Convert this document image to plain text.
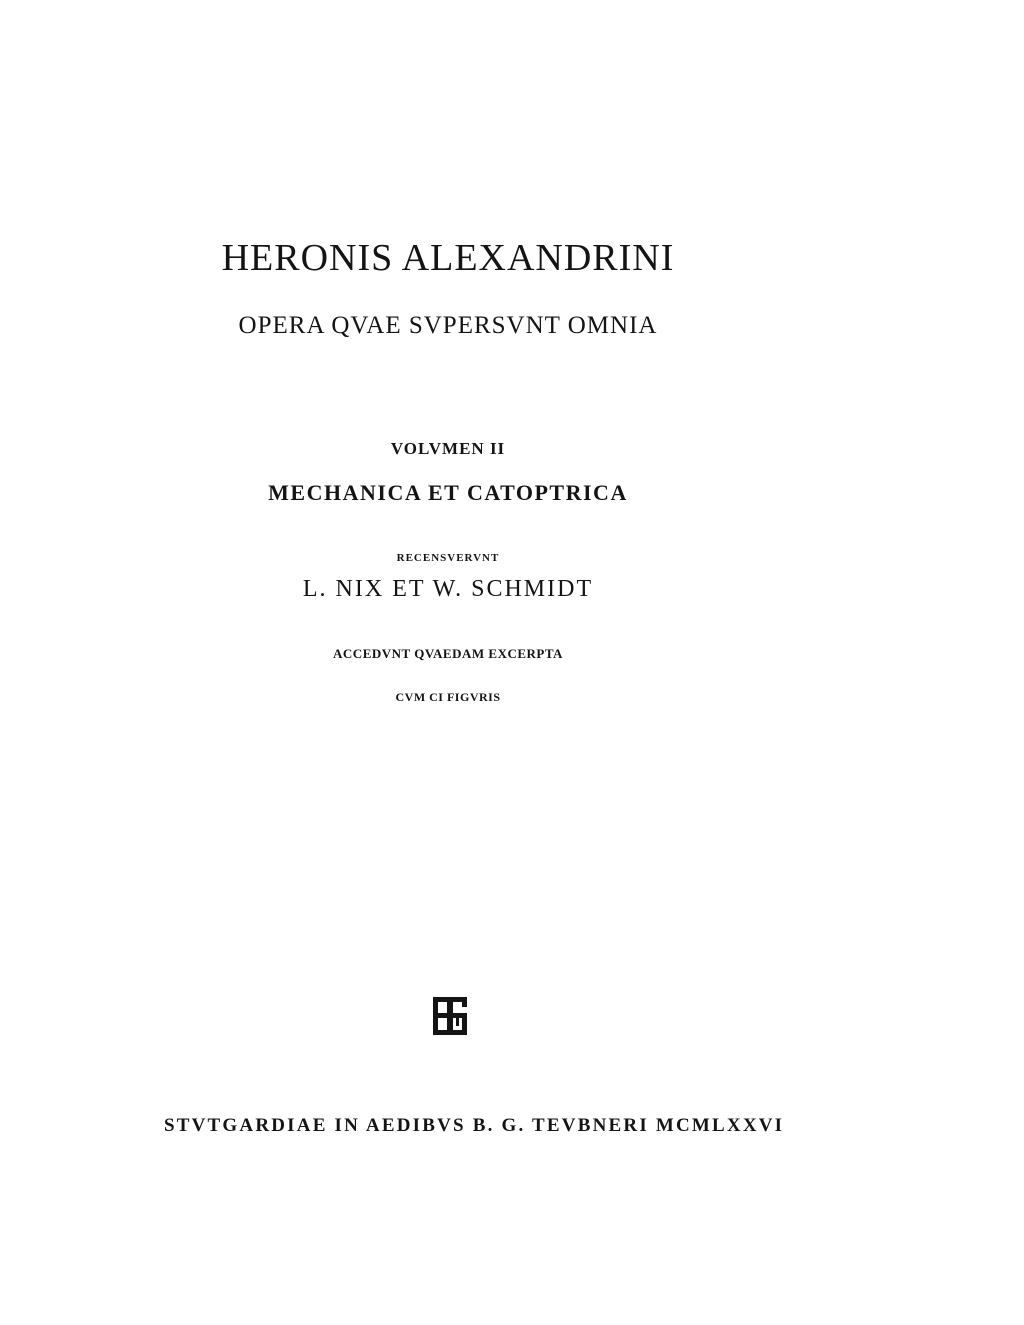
HERONIS ALEXANDRINI
OPERA QVAE SVPERSVNT OMNIA
VOLVMEN II
MECHANICA ET CATOPTRICA
RECENSVERVNT
L. NIX ET W. SCHMIDT
ACCEDVNT QVAEDAM EXCERPTA
CVM CI FIGVRIS
STVTGARDIAE IN AEDIBVS B. G. TEVBNERI MCMLXXVI
